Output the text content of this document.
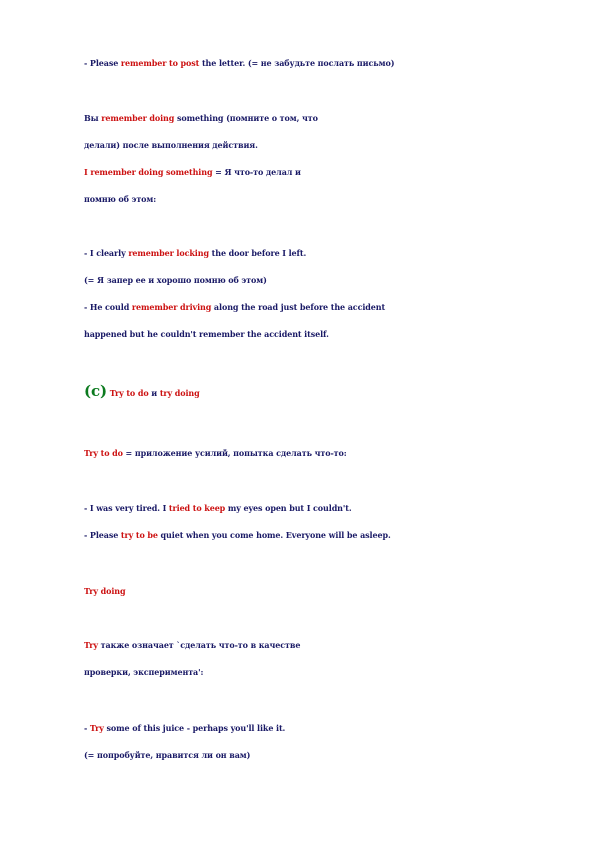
- Please remember to post the letter. (= не забудьте послать письмо)
Вы remember doing something (помните о том, что
делали) после выполнения действия.
I remember doing something = Я что-то делал и
помню об этом:
- I clearly remember locking the door before I left.
(= Я запер ее и хорошо помню об этом)
- He could remember driving along the road just before the accident
happened but he couldn't remember the accident itself.
(c) Try to do и try doing
Try to do = приложение усилий, попытка сделать что-то:
- I was very tired. I tried to keep my eyes open but I couldn't.
- Please try to be quiet when you come home. Everyone will be asleep.
Try doing
Try также означает `сделать что-то в качестве
проверки, эксперимента':
- Try some of this juice - perhaps you'll like it.
(= попробуйте, нравится ли он вам)
